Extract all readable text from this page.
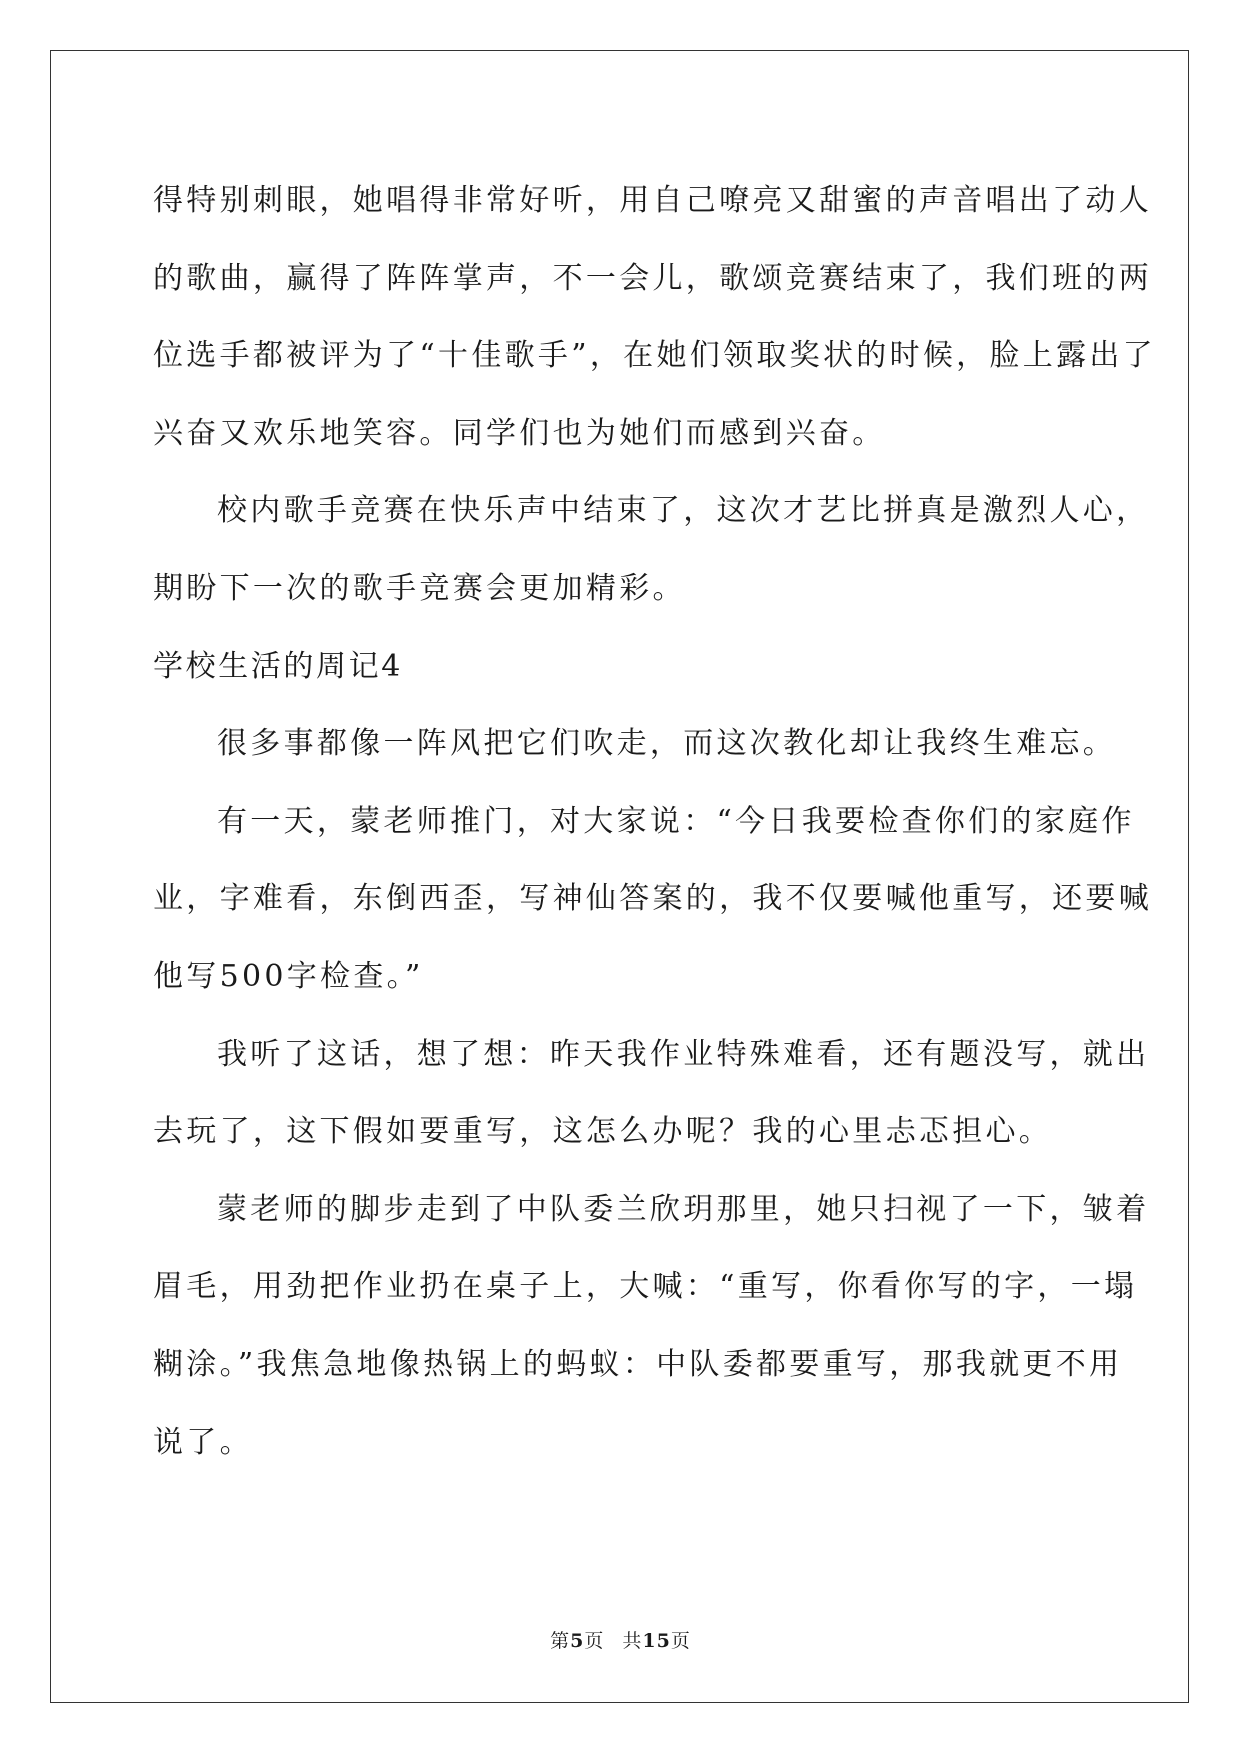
得特别刺眼，她唱得非常好听，用自己嘹亮又甜蜜的声音唱出了动人
的歌曲，赢得了阵阵掌声，不一会儿，歌颂竞赛结束了，我们班的两
位选手都被评为了“十佳歌手”，在她们领取奖状的时候，脸上露出了
兴奋又欢乐地笑容。同学们也为她们而感到兴奋。
校内歌手竞赛在快乐声中结束了，这次才艺比拼真是激烈人心，
期盼下一次的歌手竞赛会更加精彩。
学校生活的周记4
很多事都像一阵风把它们吹走，而这次教化却让我终生难忘。
有一天，蒙老师推门，对大家说：“今日我要检查你们的家庭作
业，字难看，东倒西歪，写神仙答案的，我不仅要喊他重写，还要喊
他写500字检查。”
我听了这话，想了想：昨天我作业特殊难看，还有题没写，就出
去玩了，这下假如要重写，这怎么办呢？我的心里忐忑担心。
蒙老师的脚步走到了中队委兰欣玥那里，她只扫视了一下，皱着
眉毛，用劲把作业扔在桌子上，大喊：“重写，你看你写的字，一塌
糊涂。”我焦急地像热锅上的蚂蚁：中队委都要重写，那我就更不用
说了。
第5页 共15页
